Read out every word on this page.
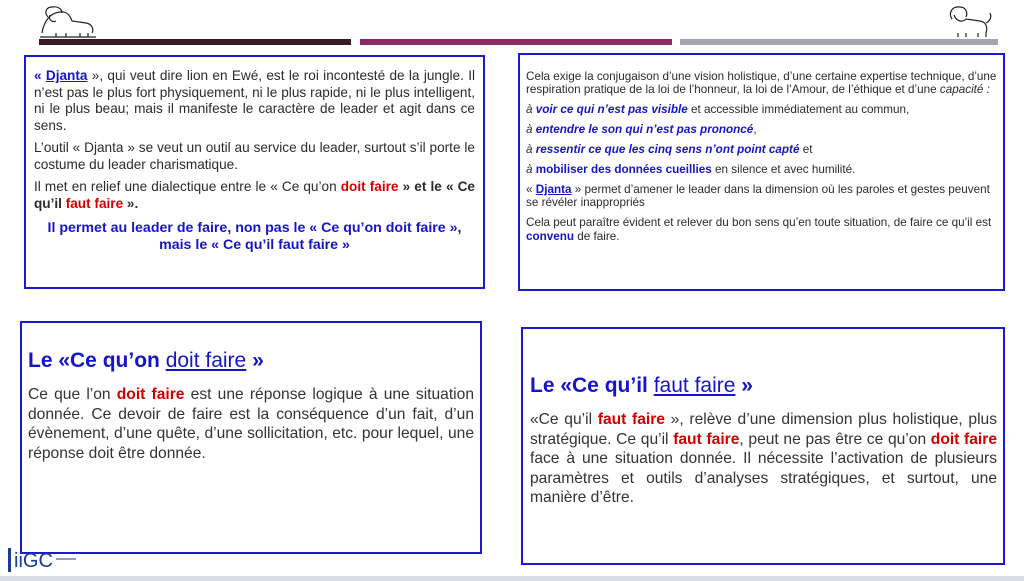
« Djanta », qui veut dire lion en Ewé, est le roi incontesté de la jungle. Il n’est pas le plus fort physiquement, ni le plus rapide, ni le plus intelligent, ni le plus beau; mais il manifeste le caractère de leader et agit dans ce sens.

L’outil « Djanta » se veut un outil au service du leader, surtout s’il porte le costume du leader charismatique.

Il met en relief une dialectique entre le « Ce qu’on doit faire » et le « Ce qu’il faut faire ».

Il permet au leader de faire, non pas le « Ce qu’on doit faire », mais le « Ce qu’il faut faire »

Cela exige la conjugaison d’une vision holistique, d’une certaine expertise technique, d’une respiration pratique de la loi de l’honneur, la loi de l’Amour, de l’éthique et d’une capacité :

à voir ce qui n’est pas visible et accessible immédiatement au commun,

à entendre le son qui n’est pas prononcé,

à ressentir ce que les cinq sens n’ont point capté et

à mobiliser des données cueillies en silence et avec humilité.

« Djanta » permet d’amener le leader dans la dimension où les paroles et gestes peuvent se révéler inappropriés

Cela peut paraître évident et relever du bon sens qu’en toute situation, de faire ce qu’il est convenu de faire.

Le «Ce qu’on doit faire »
Ce que l’on doit faire est une réponse logique à une situation donnée. Ce devoir de faire est la conséquence d’un fait, d’un évènement, d’une quête, d’une sollicitation, etc. pour lequel, une réponse doit être donnée.
Le «Ce qu’il faut faire »
«Ce qu’il faut faire », relève d’une dimension plus holistique, plus stratégique. Ce qu’il faut faire, peut ne pas être ce qu’on doit faire face à une situation donnée. Il nécessite l’activation de plusieurs paramètres et outils d’analyses stratégiques, et surtout, une manière d’être.
iiGC
